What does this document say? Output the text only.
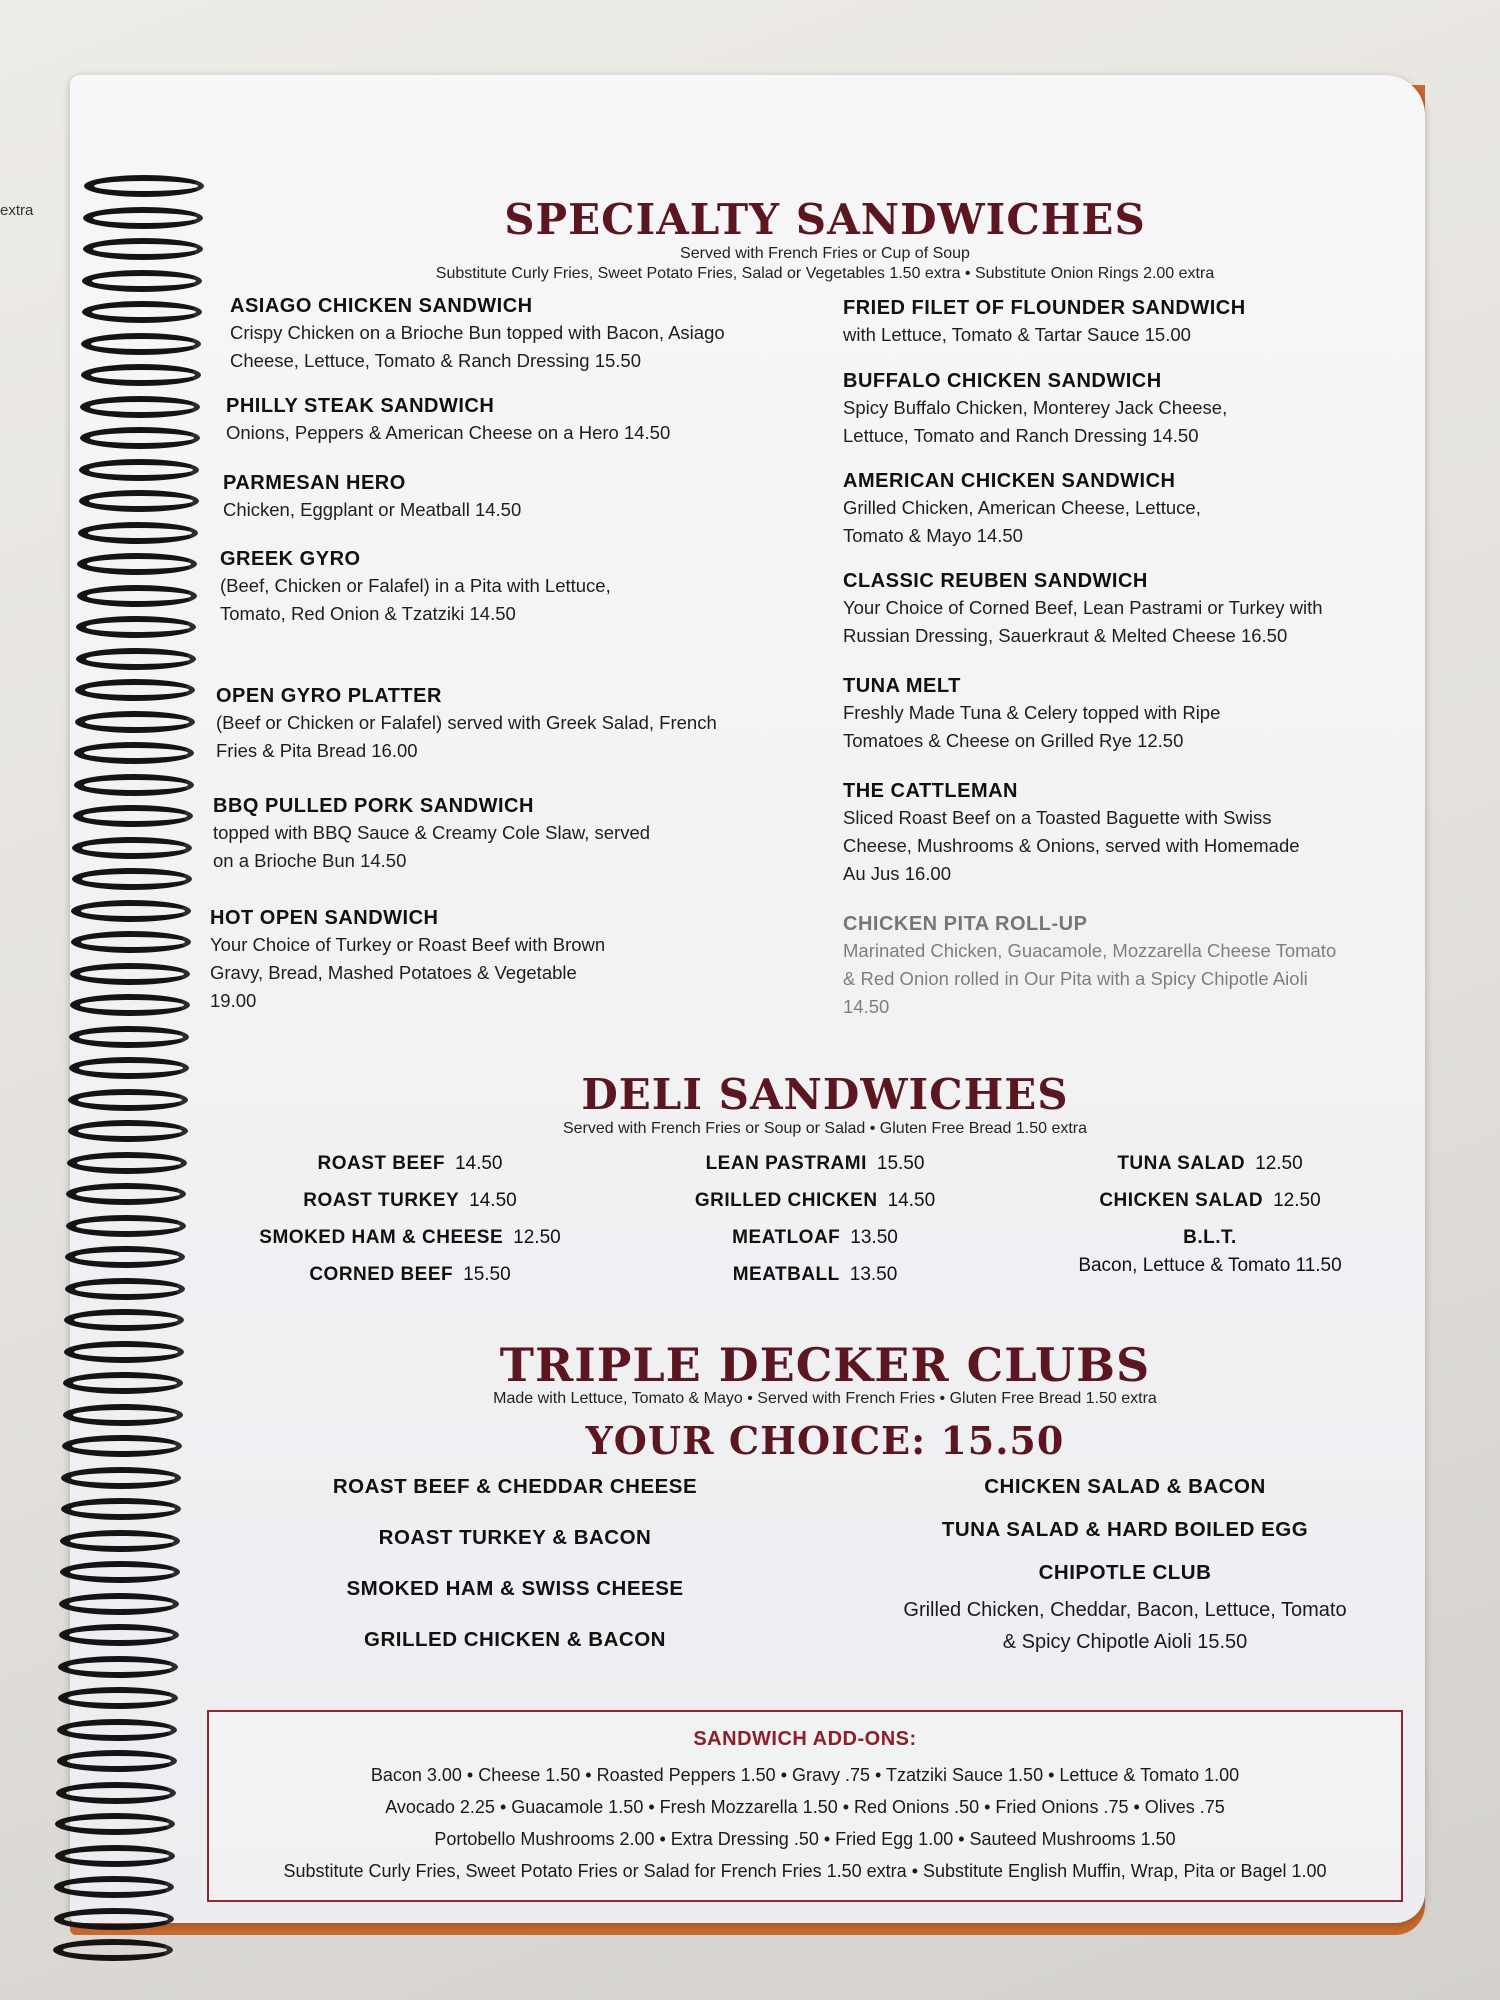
extra	SPECIALTY SANDWICHES
Served with French Fries or Cup of Soup
Substitute Curly Fries, Sweet Potato Fries, Salad or Vegetables 1.50 extra • Substitute Onion Rings 2.00 extra
ASIAGO CHICKEN SANDWICH
Crispy Chicken on a Brioche Bun topped with Bacon, Asiago Cheese, Lettuce, Tomato & Ranch Dressing 15.50
PHILLY STEAK SANDWICH
Onions, Peppers & American Cheese on a Hero 14.50
PARMESAN HERO
Chicken, Eggplant or Meatball 14.50
GREEK GYRO
(Beef, Chicken or Falafel) in a Pita with Lettuce, Tomato, Red Onion & Tzatziki 14.50
OPEN GYRO PLATTER
(Beef or Chicken or Falafel) served with Greek Salad, French Fries & Pita Bread 16.00
BBQ PULLED PORK SANDWICH
topped with BBQ Sauce & Creamy Cole Slaw, served on a Brioche Bun 14.50
HOT OPEN SANDWICH
Your Choice of Turkey or Roast Beef with Brown Gravy, Bread, Mashed Potatoes & Vegetable 19.00
FRIED FILET OF FLOUNDER SANDWICH
with Lettuce, Tomato & Tartar Sauce 15.00
BUFFALO CHICKEN SANDWICH
Spicy Buffalo Chicken, Monterey Jack Cheese, Lettuce, Tomato and Ranch Dressing 14.50
AMERICAN CHICKEN SANDWICH
Grilled Chicken, American Cheese, Lettuce, Tomato & Mayo 14.50
CLASSIC REUBEN SANDWICH
Your Choice of Corned Beef, Lean Pastrami or Turkey with Russian Dressing, Sauerkraut & Melted Cheese 16.50
TUNA MELT
Freshly Made Tuna & Celery topped with Ripe Tomatoes & Cheese on Grilled Rye 12.50
THE CATTLEMAN
Sliced Roast Beef on a Toasted Baguette with Swiss Cheese, Mushrooms & Onions, served with Homemade Au Jus 16.00
CHICKEN PITA ROLL-UP
Marinated Chicken, Guacamole, Mozzarella Cheese Tomato & Red Onion rolled in Our Pita with a Spicy Chipotle Aioli 14.50
DELI SANDWICHES
Served with French Fries or Soup or Salad • Gluten Free Bread 1.50 extra
ROAST BEEF 14.50
ROAST TURKEY 14.50
SMOKED HAM & CHEESE 12.50
CORNED BEEF 15.50
LEAN PASTRAMI 15.50
GRILLED CHICKEN 14.50
MEATLOAF 13.50
MEATBALL 13.50
TUNA SALAD 12.50
CHICKEN SALAD 12.50
B.L.T.
Bacon, Lettuce & Tomato 11.50
TRIPLE DECKER CLUBS
Made with Lettuce, Tomato & Mayo • Served with French Fries • Gluten Free Bread 1.50 extra
YOUR CHOICE: 15.50
ROAST BEEF & CHEDDAR CHEESE
ROAST TURKEY & BACON
SMOKED HAM & SWISS CHEESE
GRILLED CHICKEN & BACON
CHICKEN SALAD & BACON
TUNA SALAD & HARD BOILED EGG
CHIPOTLE CLUB
Grilled Chicken, Cheddar, Bacon, Lettuce, Tomato
& Spicy Chipotle Aioli 15.50
SANDWICH ADD-ONS:
Bacon 3.00 • Cheese 1.50 • Roasted Peppers 1.50 • Gravy .75 • Tzatziki Sauce 1.50 • Lettuce & Tomato 1.00
Avocado 2.25 • Guacamole 1.50 • Fresh Mozzarella 1.50 • Red Onions .50 • Fried Onions .75 • Olives .75
Portobello Mushrooms 2.00 • Extra Dressing .50 • Fried Egg 1.00 • Sauteed Mushrooms 1.50
Substitute Curly Fries, Sweet Potato Fries or Salad for French Fries 1.50 extra • Substitute English Muffin, Wrap, Pita or Bagel 1.00
